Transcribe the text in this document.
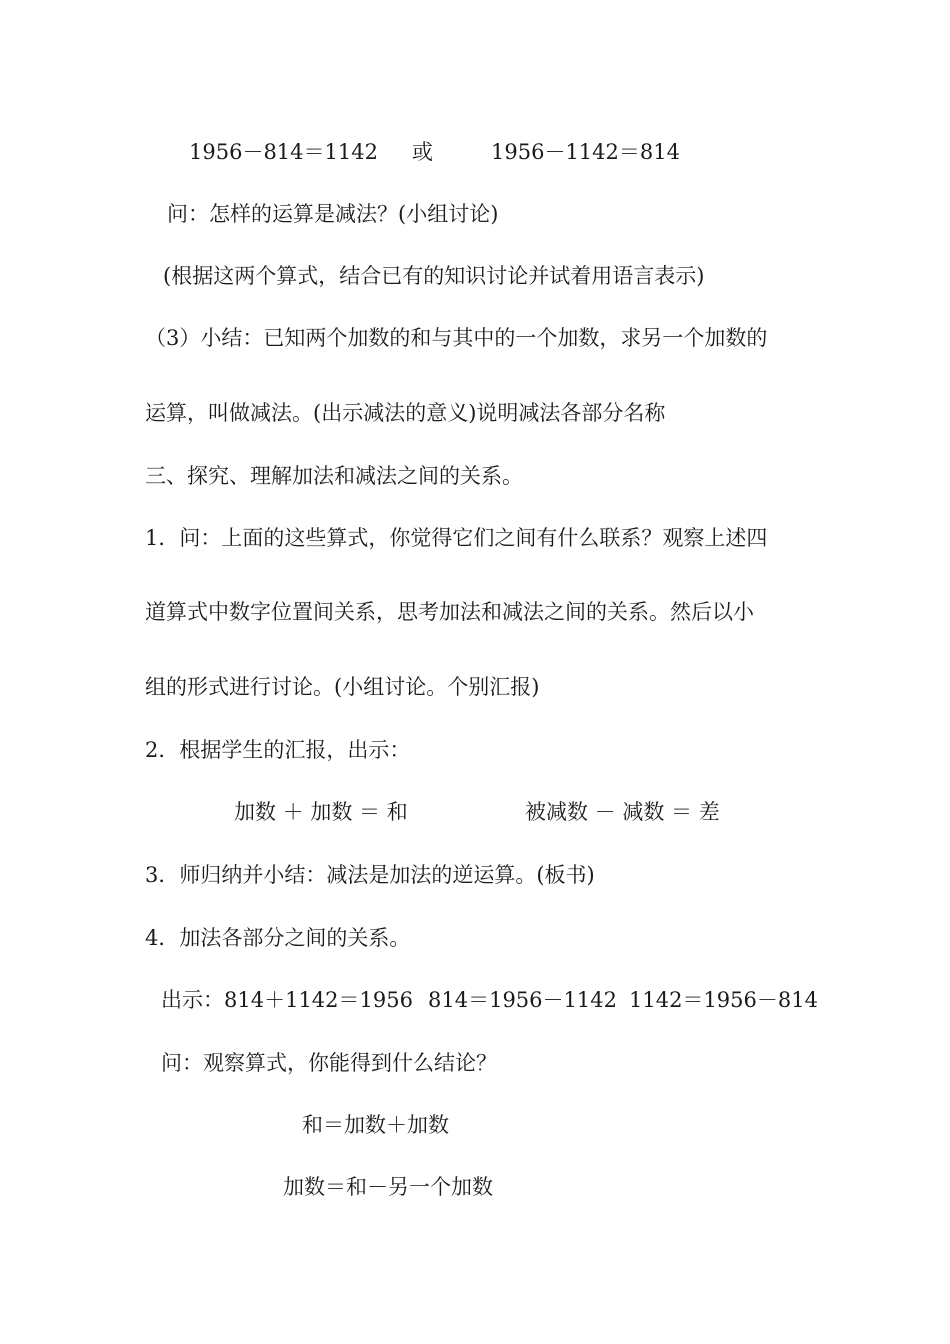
1956－814＝1142 或	1956－1142＝814
问：怎样的运算是减法？(小组讨论)
(根据这两个算式，结合已有的知识讨论并试着用语言表示)
（3）小结：已知两个加数的和与其中的一个加数，求另一个加数的
运算，叫做减法。(出示减法的意义)说明减法各部分名称
三、探究、理解加法和减法之间的关系。
1．问：上面的这些算式，你觉得它们之间有什么联系？观察上述四
道算式中数字位置间关系，思考加法和减法之间的关系。然后以小
组的形式进行讨论。(小组讨论。个别汇报)
2．根据学生的汇报，出示：
加数 ＋ 加数 ＝ 和	被减数 － 减数 ＝ 差
3．师归纳并小结：减法是加法的逆运算。(板书)
4．加法各部分之间的关系。
出示：814＋1142＝1956 814＝1956－1142 1142＝1956－814
问：观察算式，你能得到什么结论？
和＝加数＋加数
加数＝和－另一个加数
